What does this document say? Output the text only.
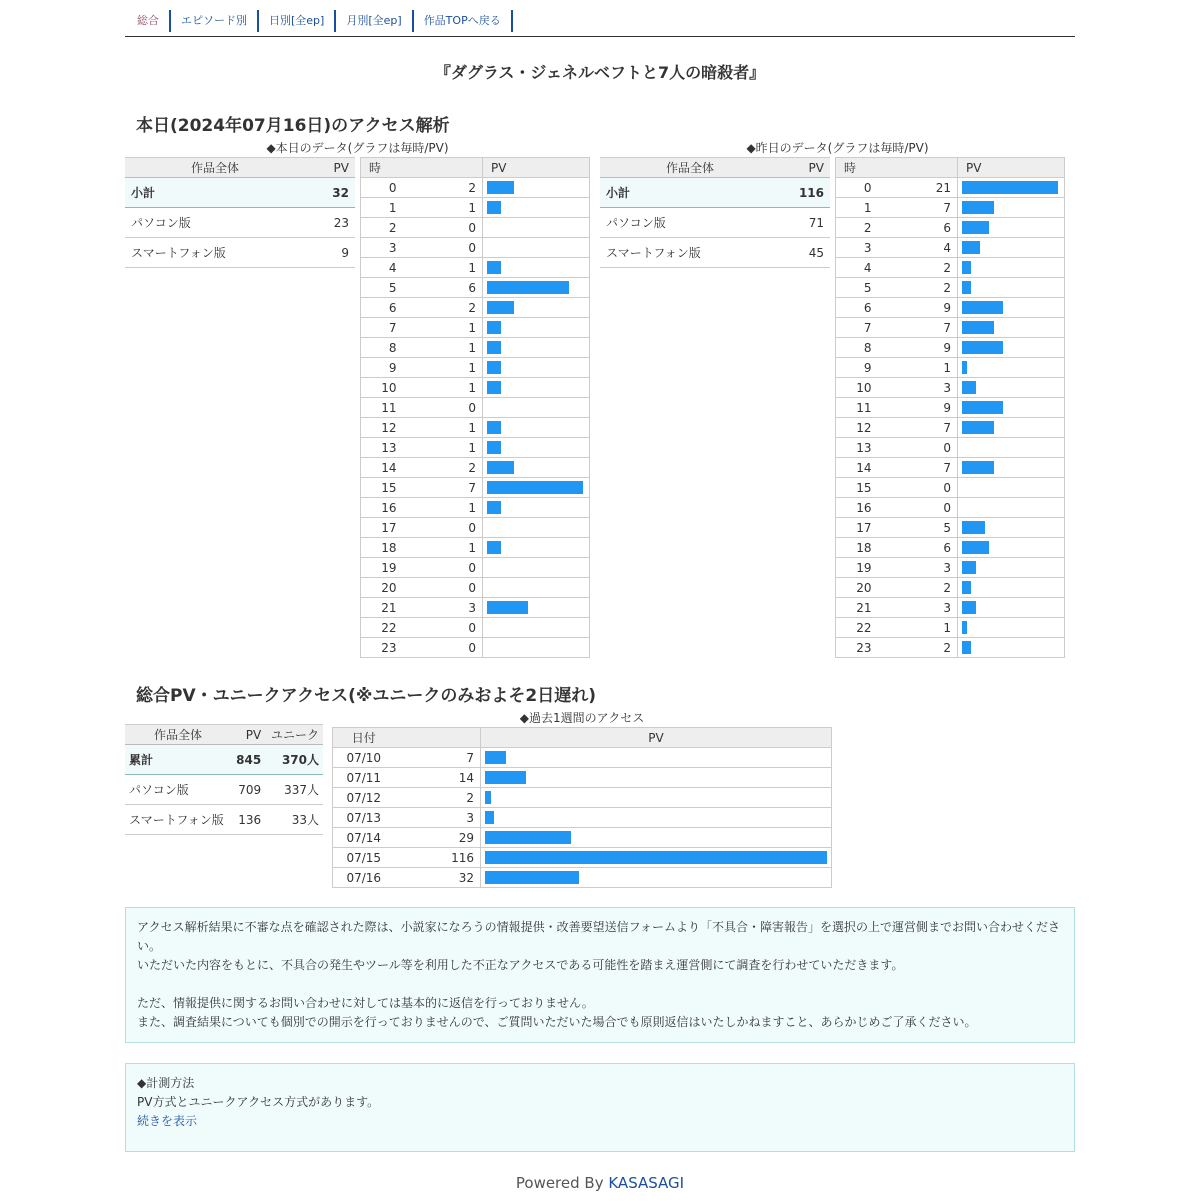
総合	エピソード別	日別[全ep]	月別[全ep]	作品TOPへ戻る
『ダグラス・ジェネルベフトと7人の暗殺者』
本日(2024年07月16日)のアクセス解析
◆本日のデータ(グラフは毎時/PV)
作品全体	PV
小計	32
パソコン版	23
スマートフォン版	9
時		PV
0	2	

1	1	

2	0	
3	0	
4	1	

5	6	

6	2	

7	1	

8	1	

9	1	

10	1	

11	0	
12	1	

13	1	

14	2	

15	7	

16	1	

17	0	
18	1	

19	0	
20	0	
21	3	

22	0	
23	0	
◆昨日のデータ(グラフは毎時/PV)
作品全体	PV
小計	116
パソコン版	71
スマートフォン版	45
時		PV
0	21	

1	7	

2	6	

3	4	

4	2	

5	2	

6	9	

7	7	

8	9	

9	1	

10	3	

11	9	

12	7	

13	0	
14	7	

15	0	
16	0	
17	5	

18	6	

19	3	

20	2	

21	3	

22	1	

23	2	
総合PV・ユニークアクセス(※ユニークのみおよそ2日遅れ)
作品全体	PV	ユニーク
累計	845	370人
パソコン版	709	337人
スマートフォン版	136	33人
◆過去1週間のアクセス
日付		PV
07/10	7	

07/11	14	

07/12	2	

07/13	3	

07/14	29	

07/15	116	

07/16	32	

アクセス解析結果に不審な点を確認された際は、小説家になろうの情報提供・改善要望送信フォームより「不具合・障害報告」を選択の上で運営側までお問い合わせください。

いただいた内容をもとに、不具合の発生やツール等を利用した不正なアクセスである可能性を踏まえ運営側にて調査を行わせていただきます。

ただ、情報提供に関するお問い合わせに対しては基本的に返信を行っておりません。

また、調査結果についても個別での開示を行っておりませんので、ご質問いただいた場合でも原則返信はいたしかねますこと、あらかじめご了承ください。

◆計測方法

PV方式とユニークアクセス方式があります。

続きを表示

Powered By KASASAGI
